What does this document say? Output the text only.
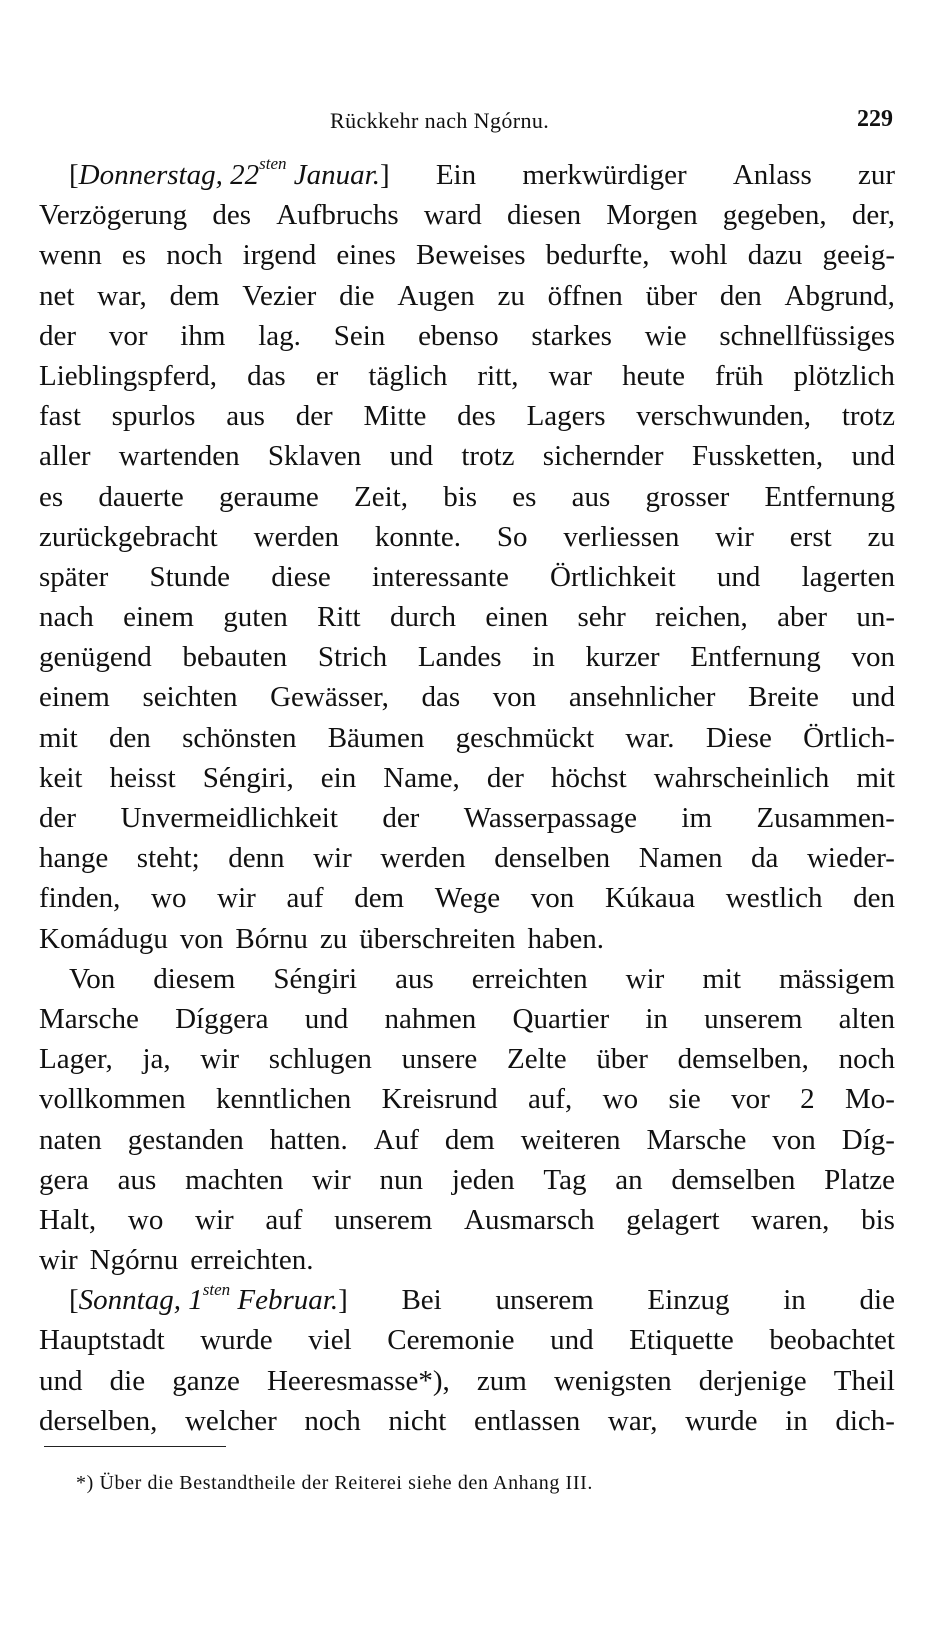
Rückkehr nach Ngórnu.	229
[Donnerstag, $22^{sten}$ Januar.] Ein merkwürdiger Anlass zur
Verzögerung des Aufbruchs ward diesen Morgen gegeben, der,
wenn es noch irgend eines Beweises bedurfte, wohl dazu geeig-
net war, dem Vezier die Augen zu öffnen über den Abgrund,
der vor ihm lag. Sein ebenso starkes wie schnellfüssiges
Lieblingspferd, das er täglich ritt, war heute früh plötzlich
fast spurlos aus der Mitte des Lagers verschwunden, trotz
aller wartenden Sklaven und trotz sichernder Fussketten, und
es dauerte geraume Zeit, bis es aus grosser Entfernung
zurückgebracht werden konnte. So verliessen wir erst zu
später Stunde diese interessante Örtlichkeit und lagerten
nach einem guten Ritt durch einen sehr reichen, aber un-
genügend bebauten Strich Landes in kurzer Entfernung von
einem seichten Gewässer, das von ansehnlicher Breite und
mit den schönsten Bäumen geschmückt war. Diese Örtlich-
keit heisst Séngiri, ein Name, der höchst wahrscheinlich mit
der Unvermeidlichkeit der Wasserpassage im Zusammen-
hange steht; denn wir werden denselben Namen da wieder-
finden, wo wir auf dem Wege von Kúkaua westlich den
Komádugu von Bórnu zu überschreiten haben.
Von diesem Séngiri aus erreichten wir mit mässigem
Marsche Díggera und nahmen Quartier in unserem alten
Lager, ja, wir schlugen unsere Zelte über demselben, noch
vollkommen kenntlichen Kreisrund auf, wo sie vor 2 Mo-
naten gestanden hatten. Auf dem weiteren Marsche von Díg-
gera aus machten wir nun jeden Tag an demselben Platze
Halt, wo wir auf unserem Ausmarsch gelagert waren, bis
wir Ngórnu erreichten.
[Sonntag, $1^{sten}$ Februar.] Bei unserem Einzug in die
Hauptstadt wurde viel Ceremonie und Etiquette beobachtet
und die ganze Heeresmasse*), zum wenigsten derjenige Theil
derselben, welcher noch nicht entlassen war, wurde in dich-
*) Über die Bestandtheile der Reiterei siehe den Anhang III.
